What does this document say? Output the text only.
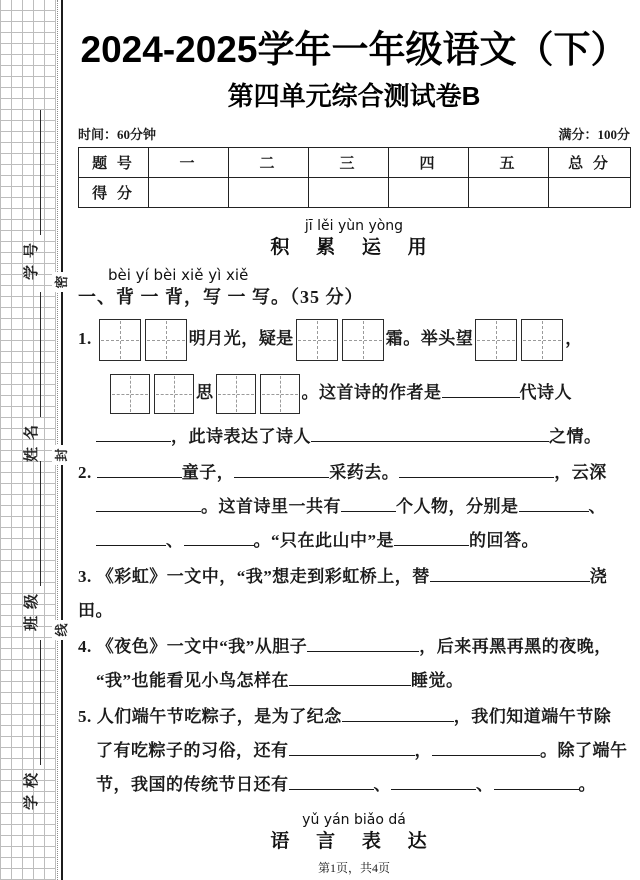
学号
姓名
班级
学校
密
封
线
2024-2025学年一年级语文（下）
第四单元综合测试卷B
时间：60分钟	满分：100分
题 号	一	二	三	四	五	总 分
得 分						
jī lěi yùn yòng
积 累 运 用
bèi yí bèi xiě yì xiě
一、背 一 背，写 一 写。（35 分）
1.	明月光，疑是	霜。举头望	，
思	。这首诗的作者是	代诗人
，此诗表达了诗人	之情。
2.	童子，	采药去。	，云深
。这首诗里一共有	个人物，分别是	、
、	。“只在此山中”是	的回答。
3. 《彩虹》一文中，“我”想走到彩虹桥上，替	浇田。
4. 《夜色》一文中“我”从胆子	，后来再黑再黑的夜晚，
“我”也能看见小鸟怎样在	睡觉。
5. 人们端午节吃粽子，是为了纪念	，我们知道端午节除
了有吃粽子的习俗，还有	，	。除了端午
节，我国的传统节日还有	、	、	。
yǔ yán biǎo dá
语 言 表 达
第1页，共4页
